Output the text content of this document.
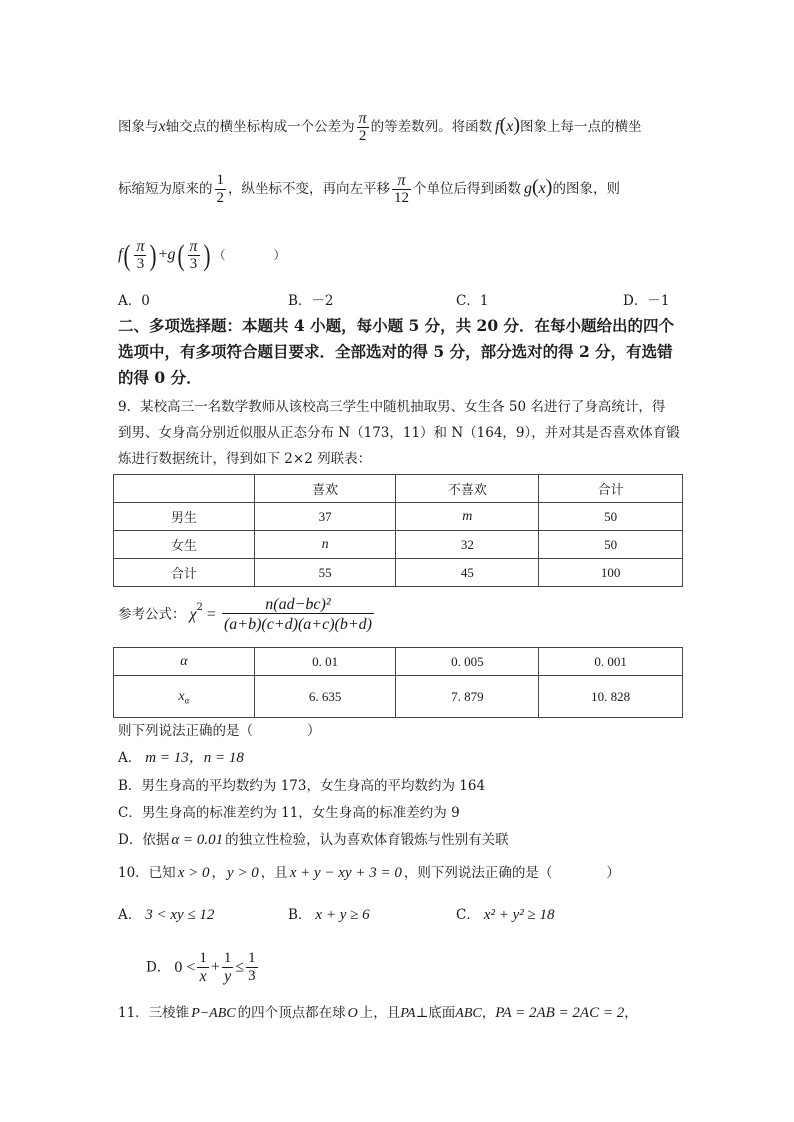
图象与x轴交点的横坐标构成一个公差为 $\frac{\pi}{2}$ 的等差数列。将函数 f(x)图象上每一点的横坐
标缩短为原来的 $\frac{1}{2}$ ，纵坐标不变，再向左平移 $\frac{\pi}{12}$ 个单位后得到函数 g(x)的图象，则
$f( \frac{\pi}{3} )+g( \frac{\pi}{3}$ ) （　　　　）
A．0	B．－2	C．1	D．－1
二、多项选择题：本题共 4 小题，每小题 5 分，共 20 分．在每小题给出的四个选项中，有多项符合题目要求．全部选对的得 5 分，部分选对的得 2 分，有选错的得 0 分．
9．某校高三一名数学教师从该校高三学生中随机抽取男、女生各 50 名进行了身高统计，得
到男、女身高分别近似服从正态分布 N（173，11）和 N（164，9），并对其是否喜欢体育锻
炼进行数据统计，得到如下 2×2 列联表：
	喜欢	不喜欢	合计
男生	37	m	50
女生	n	32	50
合计	55	45	100
参考公式： $\chi^2 = \frac{\text{n(ad−bc)²}}{(a+b)(c+d)(a+c)(b+d)}$
α	0. 01	0. 005	0. 001
$x_\alpha$	6. 635	7. 879	10. 828
则下列说法正确的是（　　　　）
A． m = 13，n = 18
B．男生身高的平均数约为 173，女生身高的平均数约为 164
C．男生身高的标准差约为 11，女生身高的标准差约为 9
D．依据 α = 0.01 的独立性检验，认为喜欢体育锻炼与性别有关联
10．已知 x > 0 ， y > 0 ，且 x + y − xy + 3 = 0 ，则下列说法正确的是（　　　　）
A． 3 < xy ≤ 12	B． x + y ≥ 6	C． x² + y² ≥ 18
D． $0 < \frac{1}{x} + \frac{1}{y} \le \frac{1}{3}$
11．三棱锥 P−ABC 的四个顶点都在球 O 上，且PA⊥底面ABC，PA = 2AB = 2AC = 2，
